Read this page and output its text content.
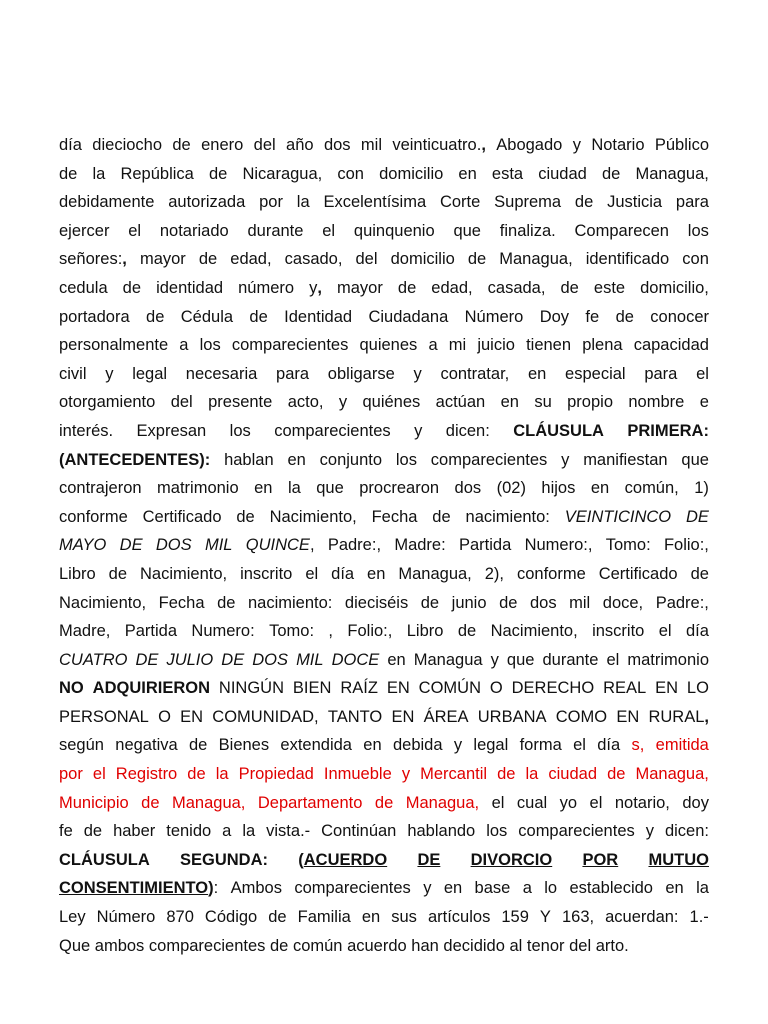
día dieciocho de enero del año dos mil veinticuatro., Abogado y Notario Público
de la República de Nicaragua, con domicilio en esta ciudad de Managua,
debidamente autorizada por la Excelentísima Corte Suprema de Justicia para
ejercer el notariado durante el quinquenio que finaliza. Comparecen los
señores:, mayor de edad, casado, del domicilio de Managua, identificado con
cedula de identidad número y, mayor de edad, casada, de este domicilio,
portadora de Cédula de Identidad Ciudadana Número Doy fe de conocer
personalmente a los comparecientes quienes a mi juicio tienen plena capacidad
civil y legal necesaria para obligarse y contratar, en especial para el
otorgamiento del presente acto, y quiénes actúan en su propio nombre e
interés. Expresan los comparecientes y dicen: CLÁUSULA PRIMERA:
(ANTECEDENTES): hablan en conjunto los comparecientes y manifiestan que
contrajeron matrimonio en la que procrearon dos (02) hijos en común, 1)
conforme Certificado de Nacimiento, Fecha de nacimiento: VEINTICINCO DE
MAYO DE DOS MIL QUINCE, Padre:, Madre: Partida Numero:, Tomo: Folio:,
Libro de Nacimiento, inscrito el día en Managua, 2), conforme Certificado de
Nacimiento, Fecha de nacimiento: dieciséis de junio de dos mil doce, Padre:,
Madre, Partida Numero: Tomo: , Folio:, Libro de Nacimiento, inscrito el día
CUATRO DE JULIO DE DOS MIL DOCE en Managua y que durante el matrimonio
NO ADQUIRIERON NINGÚN BIEN RAÍZ EN COMÚN O DERECHO REAL EN LO
PERSONAL O EN COMUNIDAD, TANTO EN ÁREA URBANA COMO EN RURAL,
según negativa de Bienes extendida en debida y legal forma el día s, emitida
por el Registro de la Propiedad Inmueble y Mercantil de la ciudad de Managua,
Municipio de Managua, Departamento de Managua, el cual yo el notario, doy
fe de haber tenido a la vista.- Continúan hablando los comparecientes y dicen:
CLÁUSULA SEGUNDA: (ACUERDO DE DIVORCIO POR MUTUO
CONSENTIMIENTO): Ambos comparecientes y en base a lo establecido en la
Ley Número 870 Código de Familia en sus artículos 159 Y 163, acuerdan: 1.-
Que ambos comparecientes de común acuerdo han decidido al tenor del arto.
